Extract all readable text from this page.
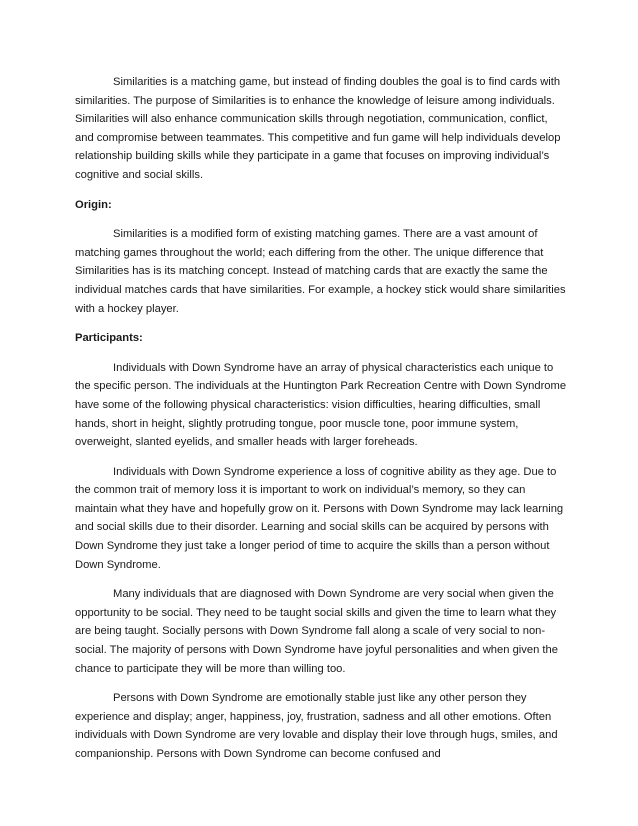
Similarities is a matching game, but instead of finding doubles the goal is to find cards with similarities. The purpose of Similarities is to enhance the knowledge of leisure among individuals. Similarities will also enhance communication skills through negotiation, communication, conflict, and compromise between teammates. This competitive and fun game will help individuals develop relationship building skills while they participate in a game that focuses on improving individual’s cognitive and social skills.

Origin:

Similarities is a modified form of existing matching games. There are a vast amount of matching games throughout the world; each differing from the other. The unique difference that Similarities has is its matching concept. Instead of matching cards that are exactly the same the individual matches cards that have similarities. For example, a hockey stick would share similarities with a hockey player.

Participants:

Individuals with Down Syndrome have an array of physical characteristics each unique to the specific person. The individuals at the Huntington Park Recreation Centre with Down Syndrome have some of the following physical characteristics: vision difficulties, hearing difficulties, small hands, short in height, slightly protruding tongue, poor muscle tone, poor immune system, overweight, slanted eyelids, and smaller heads with larger foreheads.

Individuals with Down Syndrome experience a loss of cognitive ability as they age. Due to the common trait of memory loss it is important to work on individual’s memory, so they can maintain what they have and hopefully grow on it. Persons with Down Syndrome may lack learning and social skills due to their disorder. Learning and social skills can be acquired by persons with Down Syndrome they just take a longer period of time to acquire the skills than a person without Down Syndrome.

Many individuals that are diagnosed with Down Syndrome are very social when given the opportunity to be social. They need to be taught social skills and given the time to learn what they are being taught. Socially persons with Down Syndrome fall along a scale of very social to non-social. The majority of persons with Down Syndrome have joyful personalities and when given the chance to participate they will be more than willing too.

Persons with Down Syndrome are emotionally stable just like any other person they experience and display; anger, happiness, joy, frustration, sadness and all other emotions. Often individuals with Down Syndrome are very lovable and display their love through hugs, smiles, and companionship. Persons with Down Syndrome can become confused and
